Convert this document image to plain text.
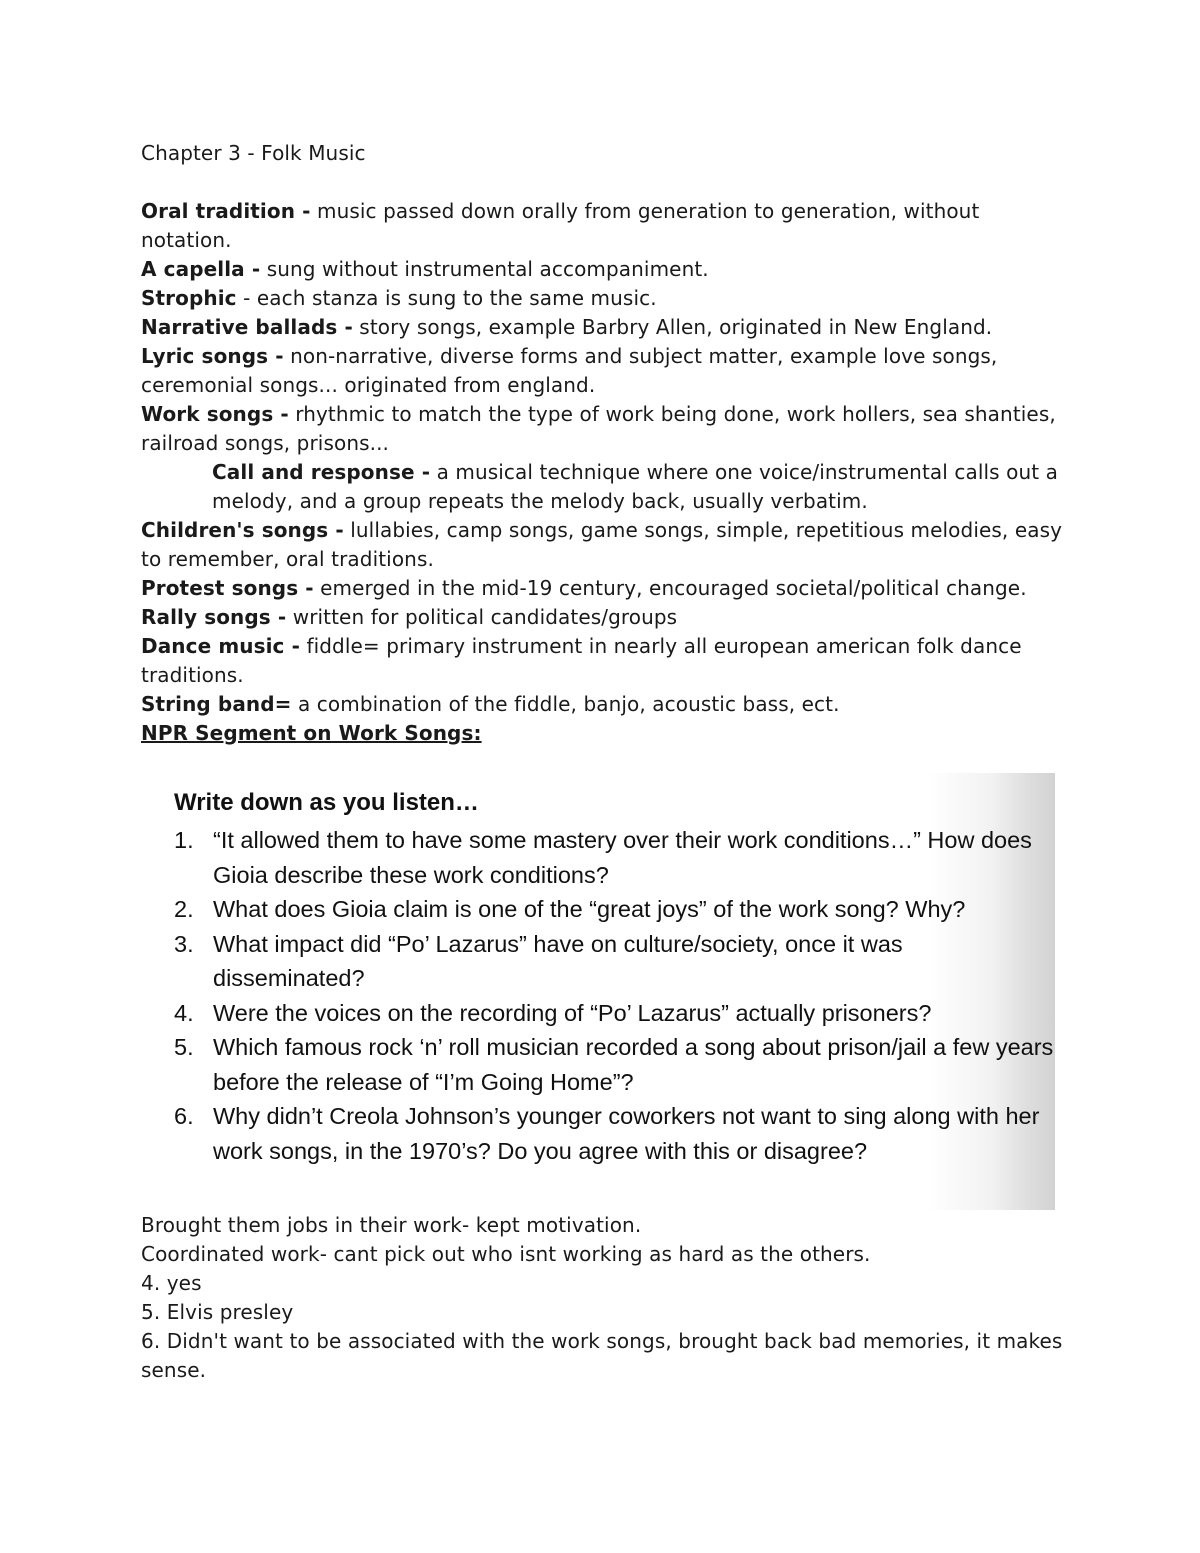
Chapter 3 - Folk Music

Oral tradition - music passed down orally from generation to generation, without notation.

A capella - sung without instrumental accompaniment.

Strophic - each stanza is sung to the same music.

Narrative ballads - story songs, example Barbry Allen, originated in New England.

Lyric songs - non-narrative, diverse forms and subject matter, example love songs, ceremonial songs... originated from england.

Work songs - rhythmic to match the type of work being done, work hollers, sea shanties, railroad songs, prisons...

Call and response - a musical technique where one voice/instrumental calls out a melody, and a group repeats the melody back, usually verbatim.

Children's songs - lullabies, camp songs, game songs, simple, repetitious melodies, easy to remember, oral traditions.

Protest songs - emerged in the mid-19 century, encouraged societal/political change.

Rally songs - written for political candidates/groups

Dance music - fiddle= primary instrument in nearly all european american folk dance traditions.

String band= a combination of the fiddle, banjo, acoustic bass, ect.

NPR Segment on Work Songs:

Write down as you listen…
1. “It allowed them to have some mastery over their work conditions…” How does Gioia describe these work conditions?
2. What does Gioia claim is one of the “great joys” of the work song? Why?
3. What impact did “Po’ Lazarus” have on culture/society, once it was disseminated?
4. Were the voices on the recording of “Po’ Lazarus” actually prisoners?
5. Which famous rock ‘n’ roll musician recorded a song about prison/jail a few years before the release of “I’m Going Home”?
6. Why didn’t Creola Johnson’s younger coworkers not want to sing along with her work songs, in the 1970’s? Do you agree with this or disagree?

Brought them jobs in their work- kept motivation.

Coordinated work- cant pick out who isnt working as hard as the others.

4. yes

5. Elvis presley

6. Didn't want to be associated with the work songs, brought back bad memories, it makes sense.
